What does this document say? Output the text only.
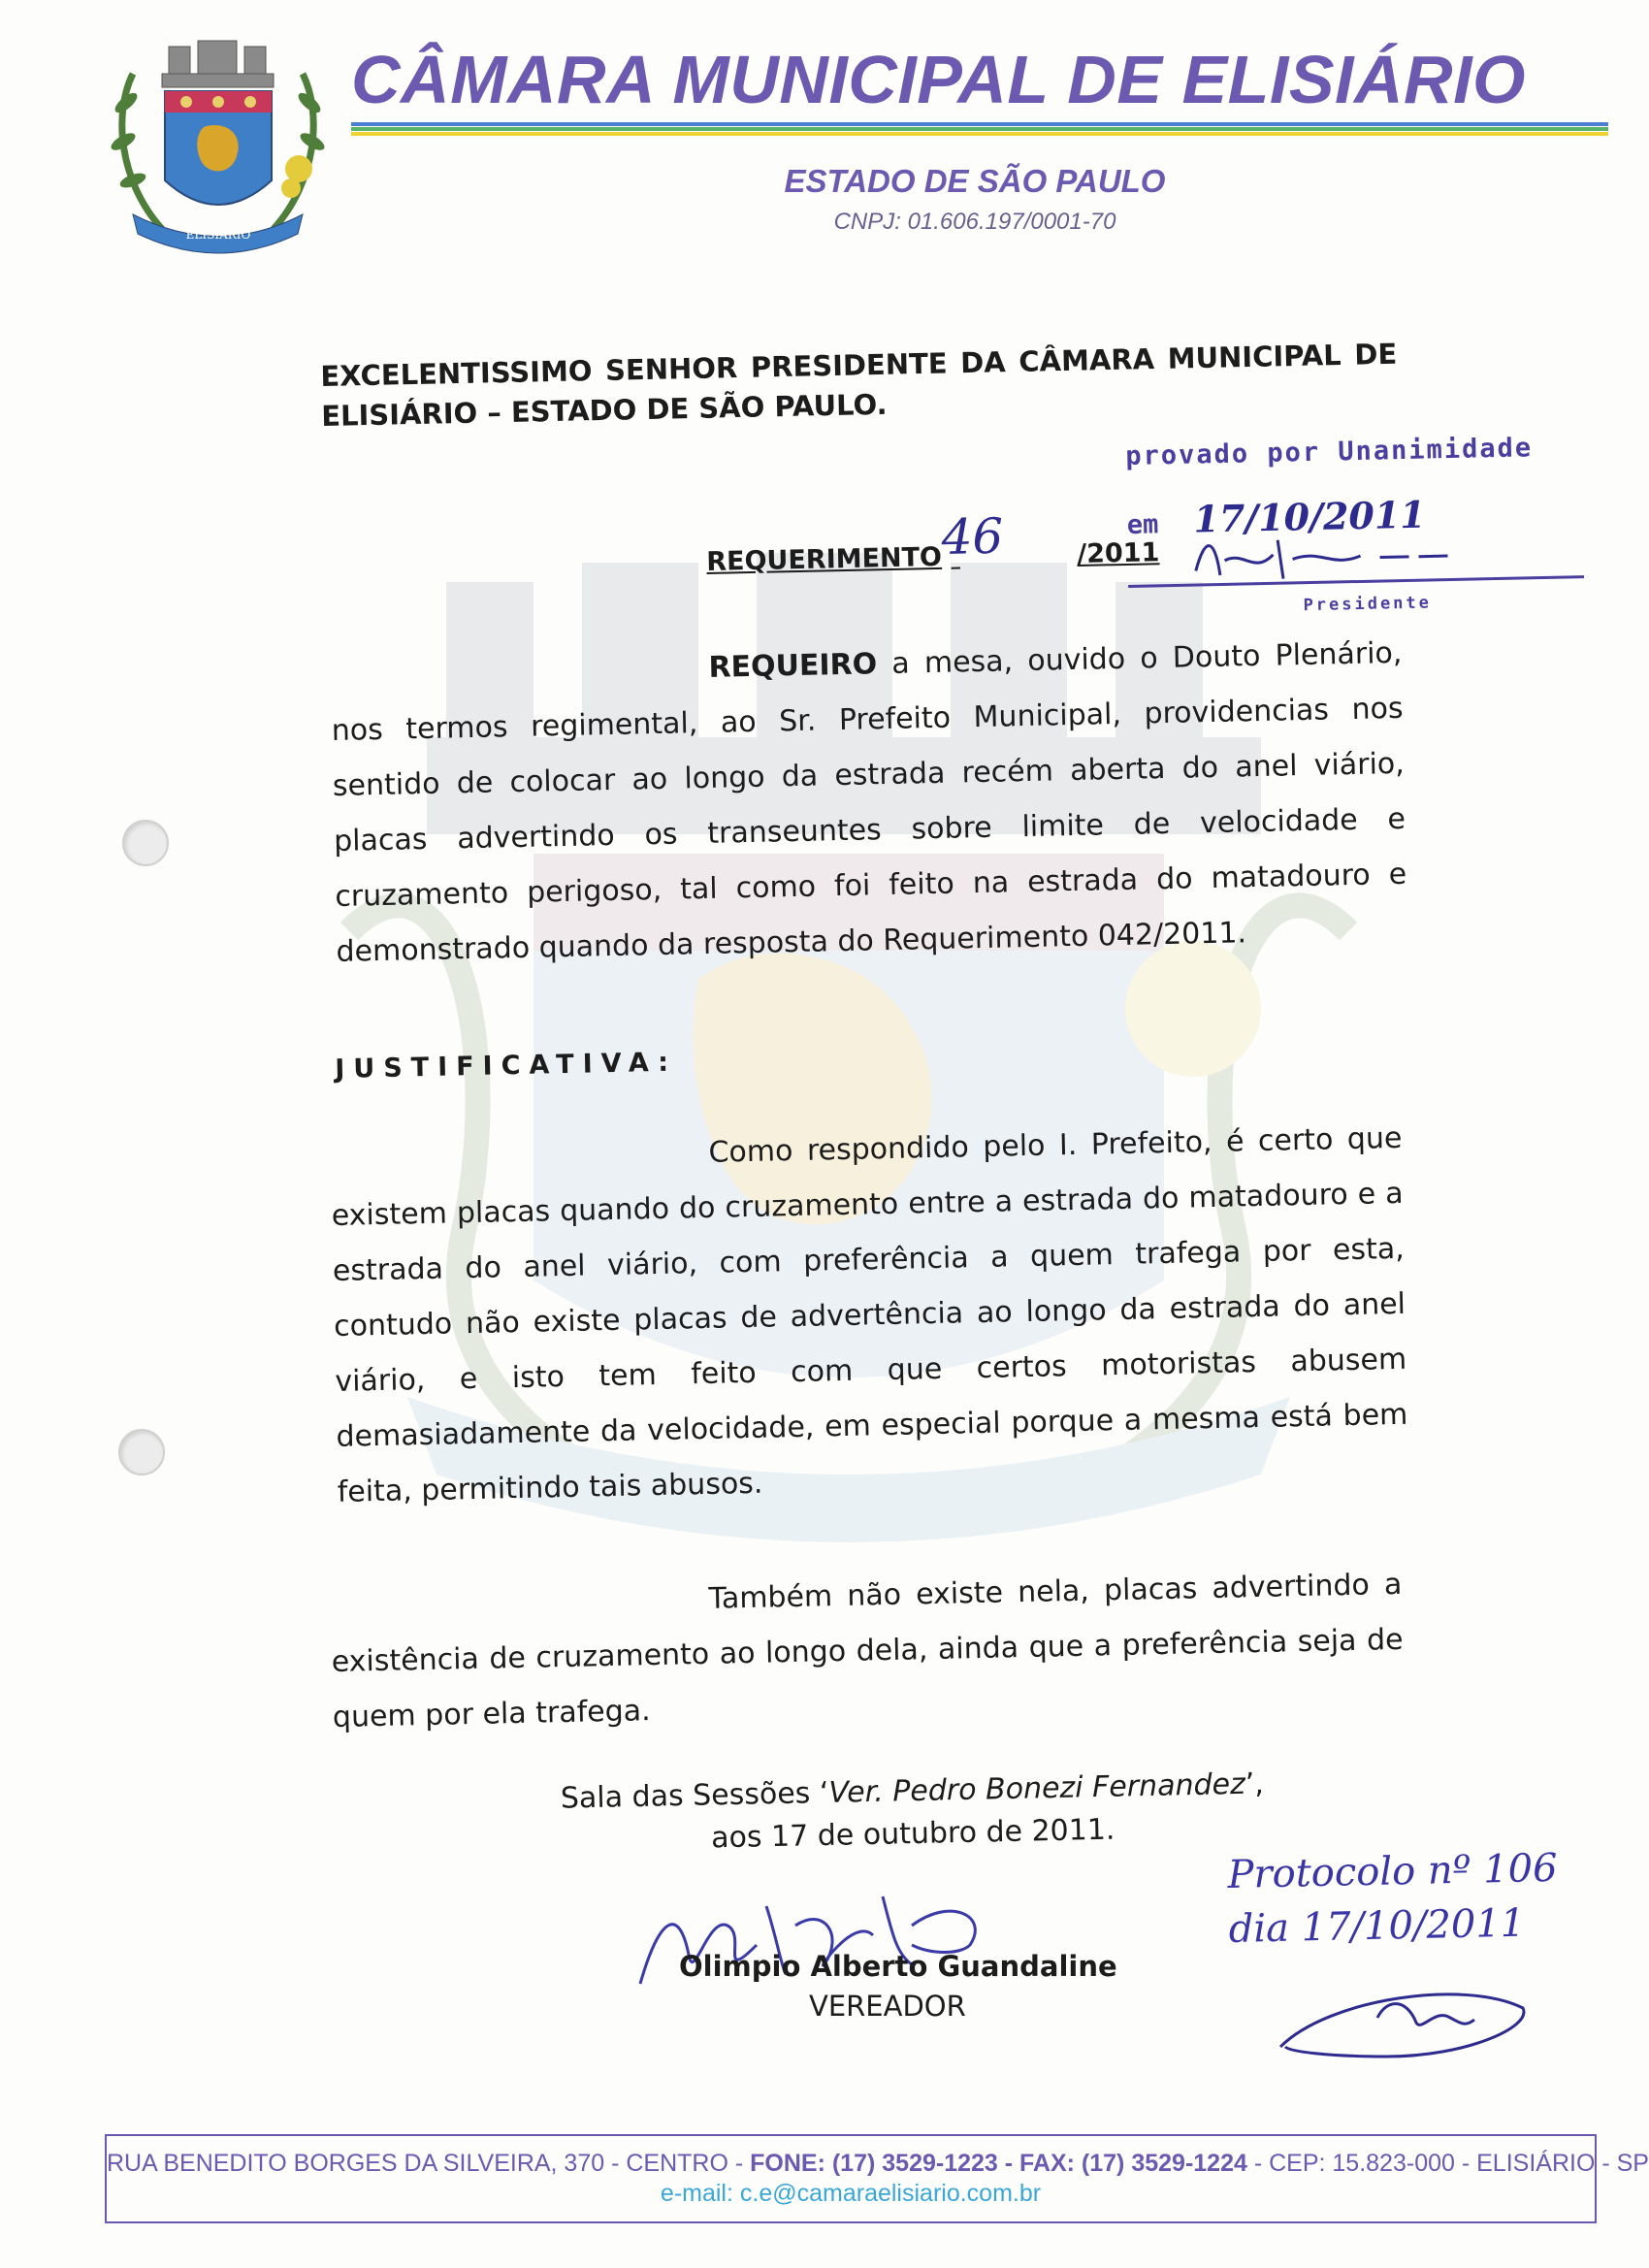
ELISIÁRIO
CÂMARA MUNICIPAL DE ELISIÁRIO
ESTADO DE SÃO PAULO
CNPJ: 01.606.197/0001-70
EXCELENTISSIMO SENHOR PRESIDENTE DA CÂMARA MUNICIPAL DE ELISIÁRIO – ESTADO DE SÃO PAULO.
provado por Unanimidade
em 17/10/2011
Presidente
REQUERIMENTO	/2011
46
REQUEIRO a mesa, ouvido o Douto Plenário, nos termos regimental, ao Sr. Prefeito Municipal, providencias nos sentido de colocar ao longo da estrada recém aberta do anel viário, placas advertindo os transeuntes sobre limite de velocidade e cruzamento perigoso, tal como foi feito na estrada do matadouro e demonstrado quando da resposta do Requerimento 042/2011.
JUSTIFICATIVA:
Como respondido pelo I. Prefeito, é certo que existem placas quando do cruzamento entre a estrada do matadouro e a estrada do anel viário, com preferência a quem trafega por esta, contudo não existe placas de advertência ao longo da estrada do anel viário, e isto tem feito com que certos motoristas abusem demasiadamente da velocidade, em especial porque a mesma está bem feita, permitindo tais abusos.
Também não existe nela, placas advertindo a existência de cruzamento ao longo dela, ainda que a preferência seja de quem por ela trafega.
Sala das Sessões ‘Ver. Pedro Bonezi Fernandez’,
aos 17 de outubro de 2011.
Olimpio Alberto Guandaline
VEREADOR
Protocolo nº 106
dia 17/10/2011
RUA BENEDITO BORGES DA SILVEIRA, 370 - CENTRO - FONE: (17) 3529-1223 - FAX: (17) 3529-1224 - CEP: 15.823-000 - ELISIÁRIO - SP
e-mail: c.e@camaraelisiario.com.br
